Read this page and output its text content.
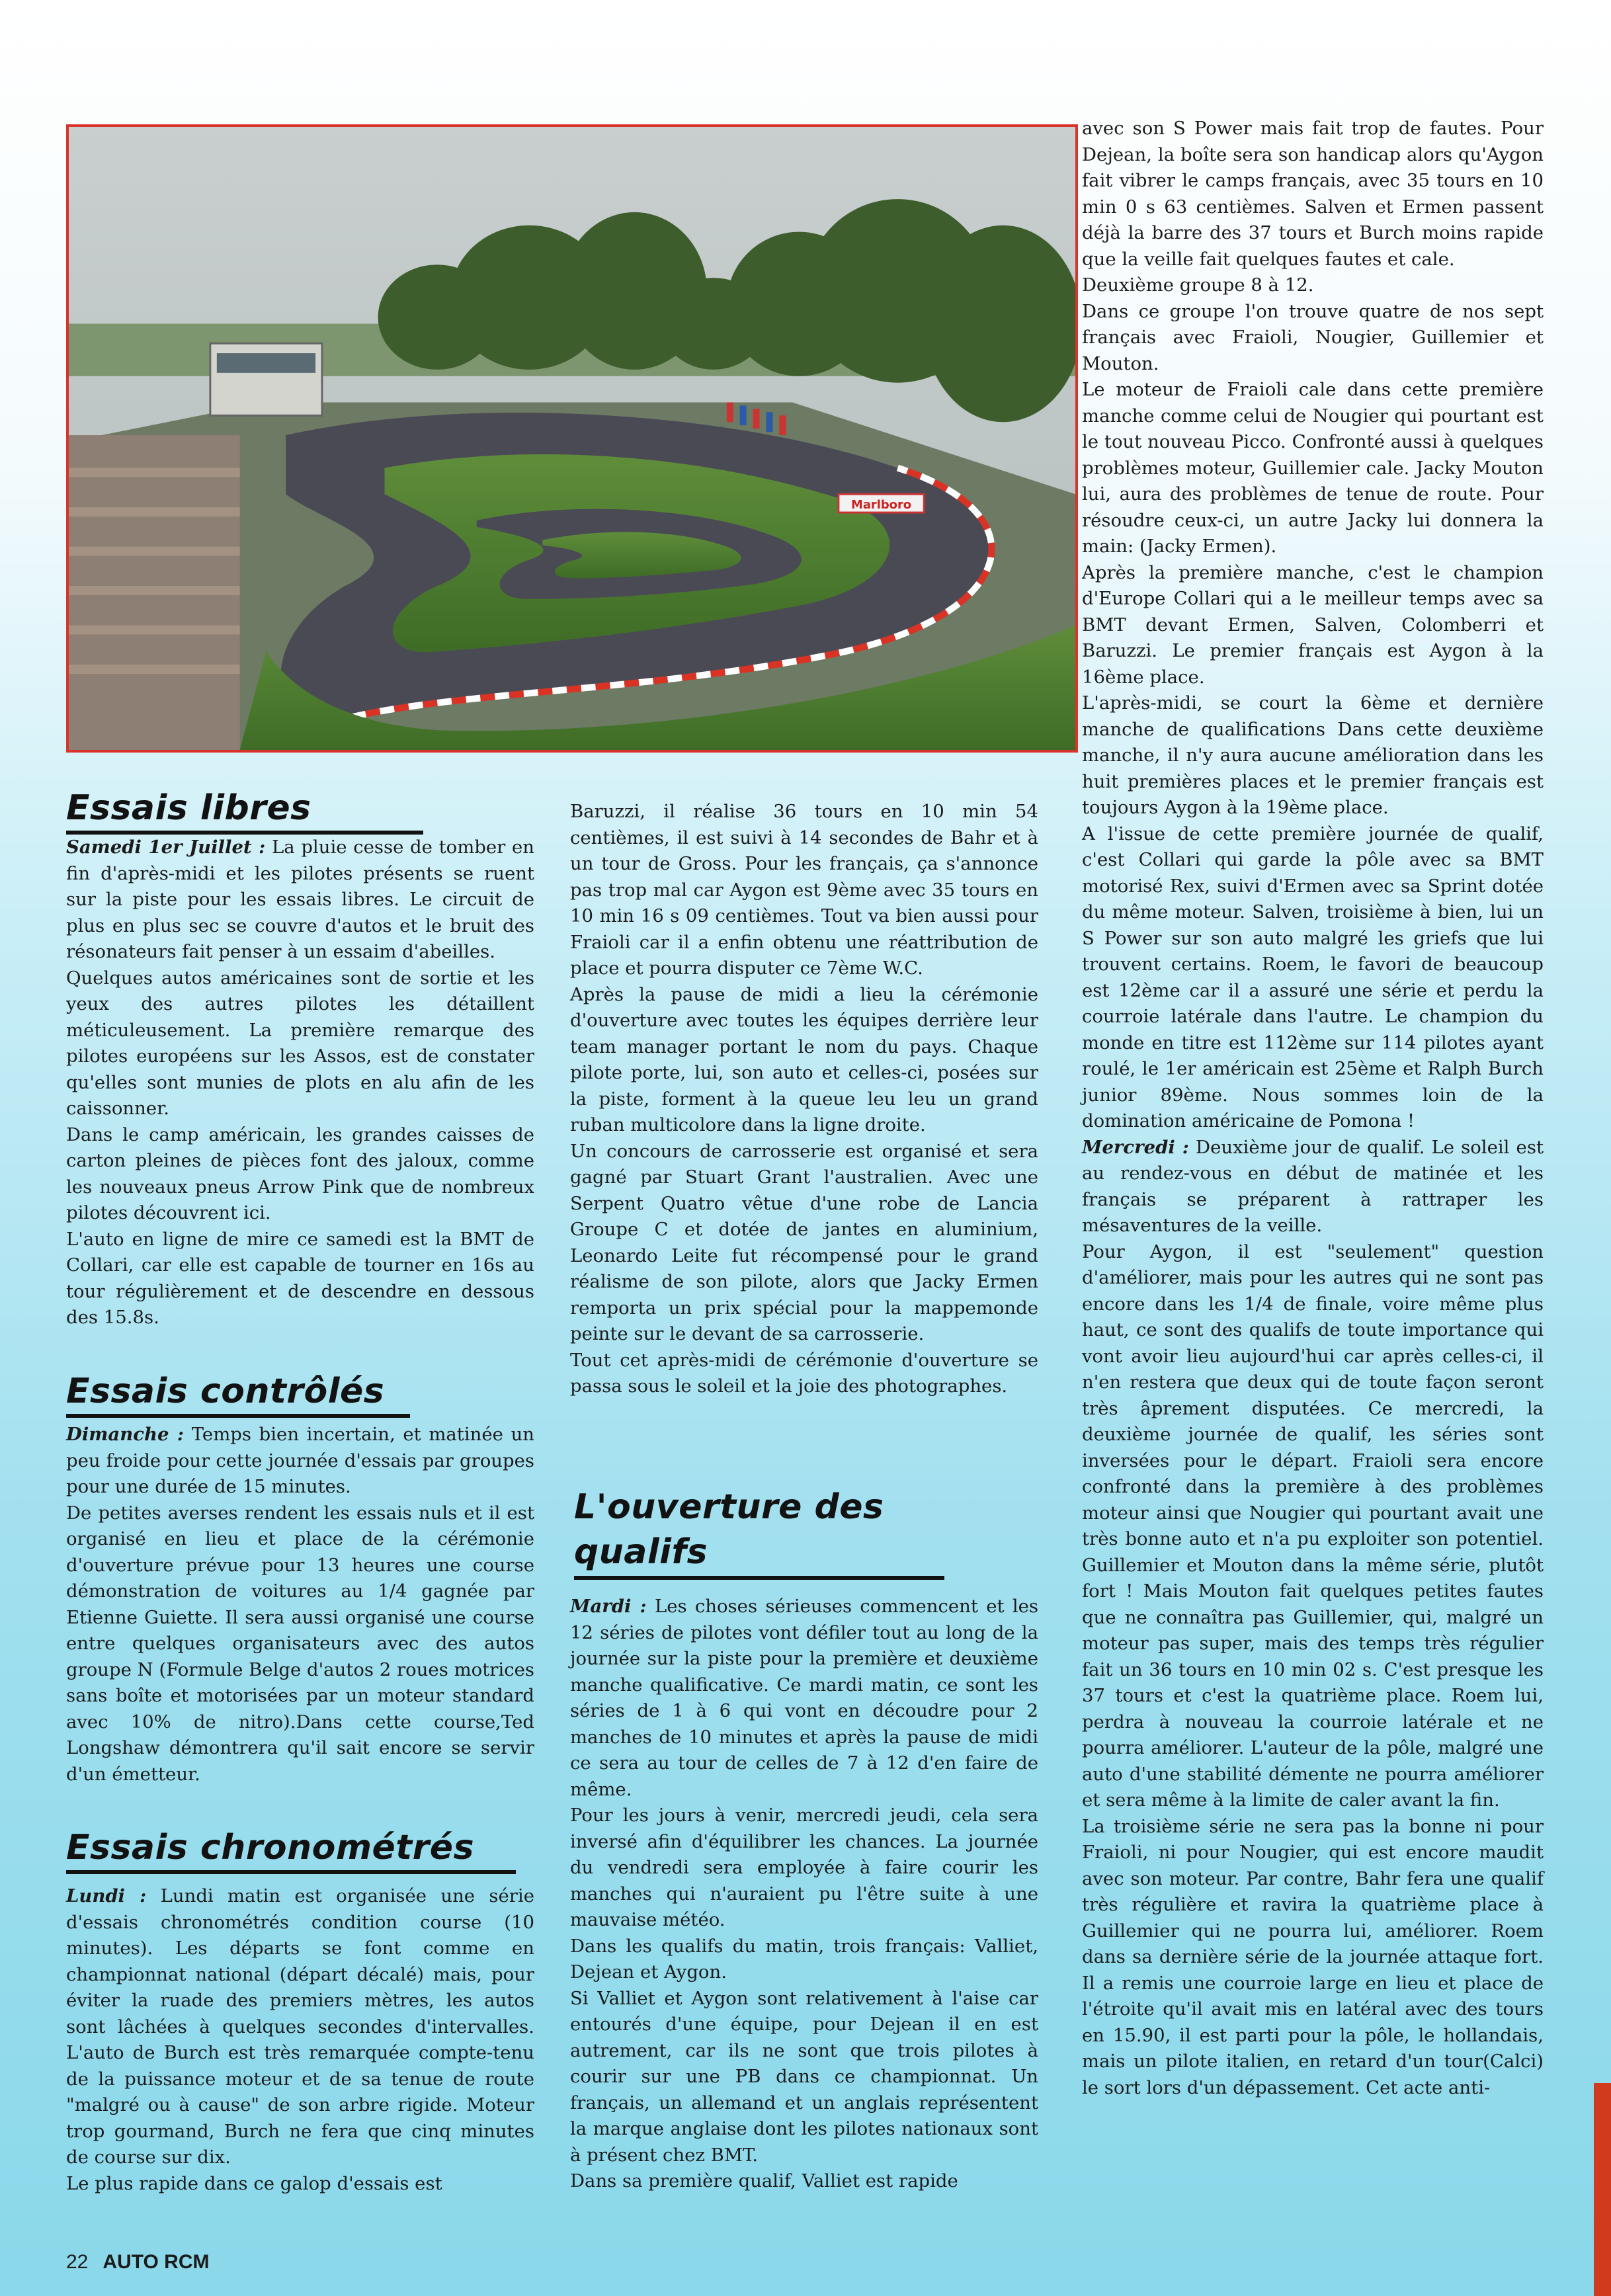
Marlboro
Essais libres

Samedi 1er Juillet : La pluie cesse de tomber en fin d'après-midi et les pilotes présents se ruent sur la piste pour les essais libres. Le circuit de plus en plus sec se couvre d'autos et le bruit des résonateurs fait penser à un essaim d'abeilles.

Quelques autos américaines sont de sortie et les yeux des autres pilotes les détaillent méticuleusement. La première remarque des pilotes européens sur les Assos, est de constater qu'elles sont munies de plots en alu afin de les caissonner.

Dans le camp américain, les grandes caisses de carton pleines de pièces font des jaloux, comme les nouveaux pneus Arrow Pink que de nombreux pilotes découvrent ici.

L'auto en ligne de mire ce samedi est la BMT de Collari, car elle est capable de tourner en 16s au tour régulièrement et de descendre en dessous des 15.8s.

Essais contrôlés

Dimanche : Temps bien incertain, et matinée un peu froide pour cette journée d'essais par groupes pour une durée de 15 minutes.

De petites averses rendent les essais nuls et il est organisé en lieu et place de la cérémonie d'ouverture prévue pour 13 heures une course démonstration de voitures au 1/4 gagnée par Etienne Guiette. Il sera aussi organisé une course entre quelques organisateurs avec des autos groupe N (Formule Belge d'autos 2 roues motrices sans boîte et motorisées par un moteur standard avec 10% de nitro).Dans cette course,Ted Longshaw démontrera qu'il sait encore se servir d'un émetteur.

Essais chronométrés

Lundi : Lundi matin est organisée une série d'essais chronométrés condition course (10 minutes). Les départs se font comme en championnat national (départ décalé) mais, pour éviter la ruade des premiers mètres, les autos sont lâchées à quelques secondes d'intervalles. L'auto de Burch est très remarquée compte-tenu de la puissance moteur et de sa tenue de route "malgré ou à cause" de son arbre rigide. Moteur trop gourmand, Burch ne fera que cinq minutes de course sur dix.

Le plus rapide dans ce galop d'essais est

Baruzzi, il réalise 36 tours en 10 min 54 centièmes, il est suivi à 14 secondes de Bahr et à un tour de Gross. Pour les français, ça s'annonce pas trop mal car Aygon est 9ème avec 35 tours en 10 min 16 s 09 centièmes. Tout va bien aussi pour Fraioli car il a enfin obtenu une réattribution de place et pourra disputer ce 7ème W.C.

Après la pause de midi a lieu la cérémonie d'ouverture avec toutes les équipes derrière leur team manager portant le nom du pays. Chaque pilote porte, lui, son auto et celles-ci, posées sur la piste, forment à la queue leu leu un grand ruban multicolore dans la ligne droite.

Un concours de carrosserie est organisé et sera gagné par Stuart Grant l'australien. Avec une Serpent Quatro vêtue d'une robe de Lancia Groupe C et dotée de jantes en aluminium, Leonardo Leite fut récompensé pour le grand réalisme de son pilote, alors que Jacky Ermen remporta un prix spécial pour la mappemonde peinte sur le devant de sa carrosserie.

Tout cet après-midi de cérémonie d'ouverture se passa sous le soleil et la joie des photographes.

L'ouverture des qualifs

Mardi : Les choses sérieuses commencent et les 12 séries de pilotes vont défiler tout au long de la journée sur la piste pour la première et deuxième manche qualificative. Ce mardi matin, ce sont les séries de 1 à 6 qui vont en découdre pour 2 manches de 10 minutes et après la pause de midi ce sera au tour de celles de 7 à 12 d'en faire de même.

Pour les jours à venir, mercredi jeudi, cela sera inversé afin d'équilibrer les chances. La journée du vendredi sera employée à faire courir les manches qui n'auraient pu l'être suite à une mauvaise météo.

Dans les qualifs du matin, trois français: Valliet, Dejean et Aygon.

Si Valliet et Aygon sont relativement à l'aise car entourés d'une équipe, pour Dejean il en est autrement, car ils ne sont que trois pilotes à courir sur une PB dans ce championnat. Un français, un allemand et un anglais représentent la marque anglaise dont les pilotes nationaux sont à présent chez BMT.

Dans sa première qualif, Valliet est rapide

avec son S Power mais fait trop de fautes. Pour Dejean, la boîte sera son handicap alors qu'Aygon fait vibrer le camps français, avec 35 tours en 10 min 0 s 63 centièmes. Salven et Ermen passent déjà la barre des 37 tours et Burch moins rapide que la veille fait quelques fautes et cale.

Deuxième groupe 8 à 12.

Dans ce groupe l'on trouve quatre de nos sept français avec Fraioli, Nougier, Guillemier et Mouton.

Le moteur de Fraioli cale dans cette première manche comme celui de Nougier qui pourtant est le tout nouveau Picco. Confronté aussi à quelques problèmes moteur, Guillemier cale. Jacky Mouton lui, aura des problèmes de tenue de route. Pour résoudre ceux-ci, un autre Jacky lui donnera la main: (Jacky Ermen).

Après la première manche, c'est le champion d'Europe Collari qui a le meilleur temps avec sa BMT devant Ermen, Salven, Colomberri et Baruzzi. Le premier français est Aygon à la 16ème place.

L'après-midi, se court la 6ème et dernière manche de qualifications Dans cette deuxième manche, il n'y aura aucune amélioration dans les huit premières places et le premier français est toujours Aygon à la 19ème place.

A l'issue de cette première journée de qualif, c'est Collari qui garde la pôle avec sa BMT motorisé Rex, suivi d'Ermen avec sa Sprint dotée du même moteur. Salven, troisième à bien, lui un S Power sur son auto malgré les griefs que lui trouvent certains. Roem, le favori de beaucoup est 12ème car il a assuré une série et perdu la courroie latérale dans l'autre. Le champion du monde en titre est 112ème sur 114 pilotes ayant roulé, le 1er américain est 25ème et Ralph Burch junior 89ème. Nous sommes loin de la domination américaine de Pomona !

Mercredi : Deuxième jour de qualif. Le soleil est au rendez-vous en début de matinée et les français se préparent à rattraper les mésaventures de la veille.

Pour Aygon, il est "seulement" question d'améliorer, mais pour les autres qui ne sont pas encore dans les 1/4 de finale, voire même plus haut, ce sont des qualifs de toute importance qui vont avoir lieu aujourd'hui car après celles-ci, il n'en restera que deux qui de toute façon seront très âprement disputées. Ce mercredi, la deuxième journée de qualif, les séries sont inversées pour le départ. Fraioli sera encore confronté dans la première à des problèmes moteur ainsi que Nougier qui pourtant avait une très bonne auto et n'a pu exploiter son potentiel. Guillemier et Mouton dans la même série, plutôt fort ! Mais Mouton fait quelques petites fautes que ne connaîtra pas Guillemier, qui, malgré un moteur pas super, mais des temps très régulier fait un 36 tours en 10 min 02 s. C'est presque les 37 tours et c'est la quatrième place. Roem lui, perdra à nouveau la courroie latérale et ne pourra améliorer. L'auteur de la pôle, malgré une auto d'une stabilité démente ne pourra améliorer et sera même à la limite de caler avant la fin.

La troisième série ne sera pas la bonne ni pour Fraioli, ni pour Nougier, qui est encore maudit avec son moteur. Par contre, Bahr fera une qualif très régulière et ravira la quatrième place à Guillemier qui ne pourra lui, améliorer. Roem dans sa dernière série de la journée attaque fort. Il a remis une courroie large en lieu et place de l'étroite qu'il avait mis en latéral avec des tours en 15.90, il est parti pour la pôle, le hollandais, mais un pilote italien, en retard d'un tour(Calci) le sort lors d'un dépassement. Cet acte anti-

22 AUTO RCM
